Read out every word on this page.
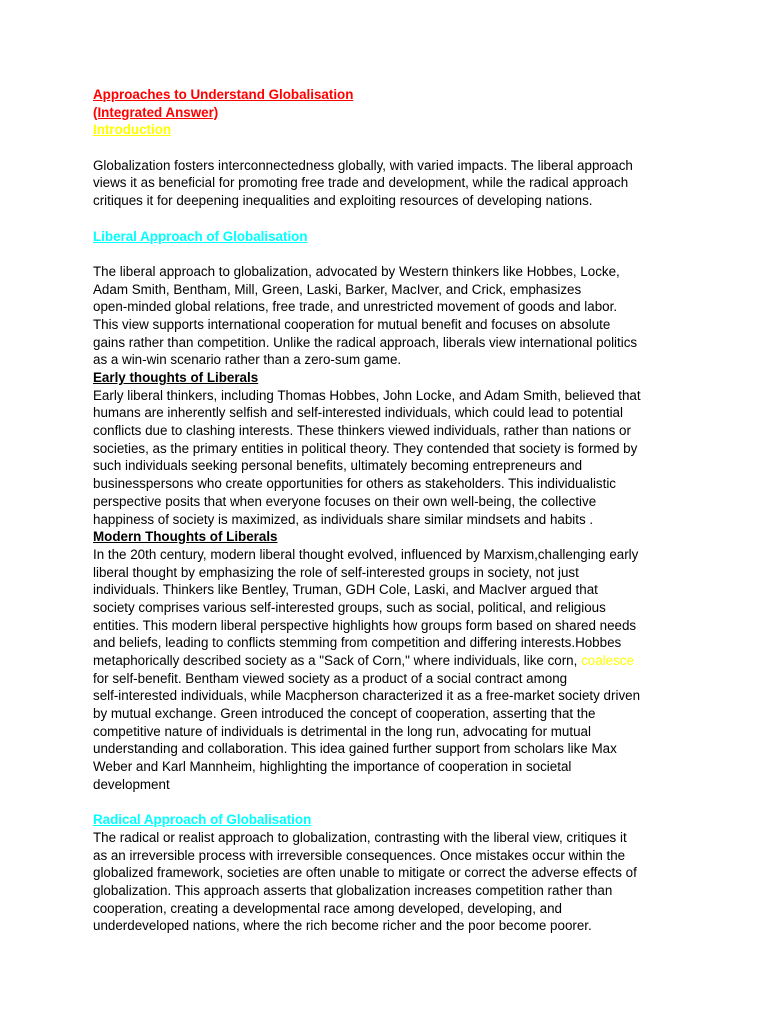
Approaches to Understand Globalisation
(Integrated Answer)
Introduction
Globalization fosters interconnectedness globally, with varied impacts. The liberal approach
views it as beneficial for promoting free trade and development, while the radical approach
critiques it for deepening inequalities and exploiting resources of developing nations.
Liberal Approach of Globalisation
The liberal approach to globalization, advocated by Western thinkers like Hobbes, Locke,
Adam Smith, Bentham, Mill, Green, Laski, Barker, MacIver, and Crick, emphasizes
open-minded global relations, free trade, and unrestricted movement of goods and labor.
This view supports international cooperation for mutual benefit and focuses on absolute
gains rather than competition. Unlike the radical approach, liberals view international politics
as a win-win scenario rather than a zero-sum game.
Early thoughts of Liberals
Early liberal thinkers, including Thomas Hobbes, John Locke, and Adam Smith, believed that
humans are inherently selfish and self-interested individuals, which could lead to potential
conflicts due to clashing interests. These thinkers viewed individuals, rather than nations or
societies, as the primary entities in political theory. They contended that society is formed by
such individuals seeking personal benefits, ultimately becoming entrepreneurs and
businesspersons who create opportunities for others as stakeholders. This individualistic
perspective posits that when everyone focuses on their own well-being, the collective
happiness of society is maximized, as individuals share similar mindsets and habits .
Modern Thoughts of Liberals
In the 20th century, modern liberal thought evolved, influenced by Marxism,challenging early
liberal thought by emphasizing the role of self-interested groups in society, not just
individuals. Thinkers like Bentley, Truman, GDH Cole, Laski, and MacIver argued that
society comprises various self-interested groups, such as social, political, and religious
entities. This modern liberal perspective highlights how groups form based on shared needs
and beliefs, leading to conflicts stemming from competition and differing interests.Hobbes
metaphorically described society as a "Sack of Corn," where individuals, like corn, coalesce
for self-benefit. Bentham viewed society as a product of a social contract among
self-interested individuals, while Macpherson characterized it as a free-market society driven
by mutual exchange. Green introduced the concept of cooperation, asserting that the
competitive nature of individuals is detrimental in the long run, advocating for mutual
understanding and collaboration. This idea gained further support from scholars like Max
Weber and Karl Mannheim, highlighting the importance of cooperation in societal
development
Radical Approach of Globalisation
The radical or realist approach to globalization, contrasting with the liberal view, critiques it
as an irreversible process with irreversible consequences. Once mistakes occur within the
globalized framework, societies are often unable to mitigate or correct the adverse effects of
globalization. This approach asserts that globalization increases competition rather than
cooperation, creating a developmental race among developed, developing, and
underdeveloped nations, where the rich become richer and the poor become poorer.
